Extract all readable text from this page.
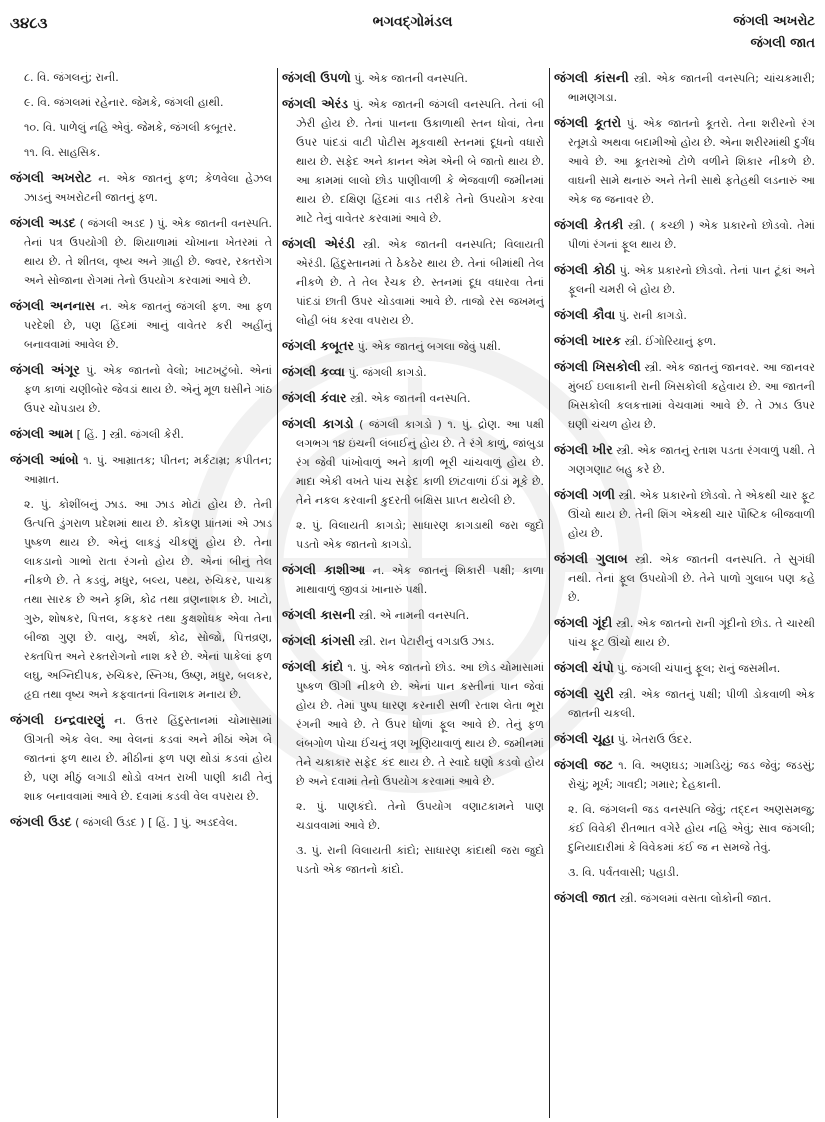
૩૪૮૩	ભગવદ્ગોમંડલ	જંગલી અખરોટ
જંગલી જાત

૮. વિ. જંગલનું; રાની.

૯. વિ. જંગલમાં રહેનાર. જેમકે, જંગલી હાથી.

૧૦. વિ. પાળેલું નહિ એવું. જેમકે, જંગલી કબૂતર.

૧૧. વિ. સાહસિક.

જંગલી અખરોટ ન. એક જાતનું ફળ; કેળવેલા હેઝલ ઝાડનું અખરોટની જાતનું ફળ.

જંગલી અડદ ( જંગલી અડદ ) પું. એક જાતની વનસ્પતિ. તેનાં પત્ર ઉપયોગી છે. શિયાળામાં ચોખાના ખેતરમાં તે થાય છે. તે શીતલ, વૃષ્ય અને ગ્રાહી છે. જ્વર, રક્તરોગ અને સોજાના રોગમાં તેનો ઉપયોગ કરવામાં આવે છે.

જંગલી અનનાસ ન. એક જાતનું જંગલી ફળ. આ ફળ પરદેશી છે, પણ હિંદમાં આનું વાવેતર કરી અહીંનું બનાવવામાં આવેલ છે.

જંગલી અંગૂર પું. એક જાતનો વેલો; ખાટખટુંબો. એનાં ફળ કાળાં ચણીબોર જેવડાં થાય છે. એનું મૂળ ઘસીને ગાંઠ ઉપર ચોપડાય છે.

જંગલી આમ [ હિં. ] સ્ત્રી. જંગલી કેરી.

જંગલી આંબો ૧. પું. આમ્રાતક; પીતન; મર્કટામ્ર; કપીતન; આમ્રાત.

૨. પું. કોશીંબનું ઝાડ. આ ઝાડ મોટાં હોય છે. તેની ઉત્પત્તિ ડુંગરાળ પ્રદેશમાં થાય છે. કોંકણ પ્રાંતમાં એ ઝાડ પુષ્કળ થાય છે. એનું લાકડું ચીકણું હોય છે. તેના લાકડાનો ગાભો રાતા રંગનો હોય છે. એનાં બીનું તેલ નીકળે છે. તે કડવું, મધુર, બલ્ય, પથ્ય, રુચિકર, પાચક તથા સારક છે અને કૃમિ, કોઢ તથા વ્રણનાશક છે. ખાટો, ગુરુ, શોષકર, પિત્તલ, કફકર તથા કુક્ષશોધક એવા તેના બીજા ગુણ છે. વાયુ, અર્શ, કોઢ, સોજો, પિત્તવ્રણ, રક્તપિત્ત અને રક્તરોગનો નાશ કરે છે. એનાં પાકેલાં ફળ લઘુ, અગ્નિદીપક, રુચિકર, સ્નિગ્ધ, ઉષ્ણ, મધુર, બલકર, હૃદ્ય તથા વૃષ્ય અને કફવાતનાં વિનાશક મનાય છે.

જંગલી ઇન્દ્રવારણું ન. ઉત્તર હિંદુસ્તાનમાં ચોમાસામાં ઊગતી એક વેલ. આ વેલનાં કડવાં અને મીઠાં એમ બે જાતનાં ફળ થાય છે. મીઠીનાં ફળ પણ થોડાં કડવાં હોય છે, પણ મીઠું લગાડી થોડો વખત રાખી પાણી કાઢી તેનું શાક બનાવવામાં આવે છે. દવામાં કડવી વેલ વપરાય છે.

જંગલી ઉડદ ( જંગલી ઉડદ ) [ હિં. ] પું. અડદવેલ.

જંગલી ઉપળો પું. એક જાતની વનસ્પતિ.

જંગલી એરંડ પું. એક જાતની જંગલી વનસ્પતિ. તેનાં બી ઝેરી હોય છે. તેનાં પાનના ઉકાળાથી સ્તન ધોવાં, તેના ઉપર પાંદડાં વાટી પોટીસ મૂકવાથી સ્તનમાં દૂધનો વધારો થાય છે. સફેદ અને કાનન એમ એની બે જાતો થાય છે. આ કામમાં લાલો છોડ પાણીવાળી કે ભેજવાળી જમીનમાં થાય છે. દક્ષિણ હિંદમાં વાડ તરીકે તેનો ઉપયોગ કરવા માટે તેનું વાવેતર કરવામાં આવે છે.

જંગલી એરંડી સ્ત્રી. એક જાતની વનસ્પતિ; વિલાયતી એરંડી. હિંદુસ્તાનમાં તે ઠેકઠેર થાય છે. તેનાં બીમાંથી તેલ નીકળે છે. તે તેલ રેચક છે. સ્તનમાં દૂધ વધારવા તેનાં પાંદડાં છાતી ઉપર ચોડવામાં આવે છે. તાજો રસ જખમનું લોહી બંધ કરવા વપરાય છે.

જંગલી કબૂતર પું. એક જાતનું બગલા જેવું પક્ષી.

જંગલી કવ્વા પું. જંગલી કાગડો.

જંગલી કંવાર સ્ત્રી. એક જાતની વનસ્પતિ.

જંગલી કાગડો ( જંગલી કાગડો ) ૧. પું. દ્રોણ. આ પક્ષી લગભગ ૧૪ ઇંચની લંબાઈનું હોય છે. તે રંગે કાળું, જાંબુડા રંગ જેવી પાંખોવાળું અને કાળી ભૂરી ચાંચવાળું હોય છે. માદા એકી વખતે પાંચ સફેદ કાળી છાંટવાળાં ઈંડાં મૂકે છે. તેને નકલ કરવાની કુદરતી બક્ષિસ પ્રાપ્ત થયેલી છે.

૨. પું. વિલાયતી કાગડો; સાધારણ કાગડાથી જરા જુદો પડતો એક જાતનો કાગડો.

જંગલી કાશીઆ ન. એક જાતનું શિકારી પક્ષી; કાળા માથાવાળું જીવડાં ખાનારું પક્ષી.

જંગલી કાસની સ્ત્રી. એ નામની વનસ્પતિ.

જંગલી કાંગસી સ્ત્રી. રાન પેટારીનું વગડાઉ ઝાડ.

જંગલી કાંદો ૧. પું. એક જાતનો છોડ. આ છોડ ચોમાસામાં પુષ્કળ ઊગી નીકળે છે. એનાં પાન કસ્તીનાં પાન જેવાં હોય છે. તેમાં પુષ્પ ધારણ કરનારી સળી રતાશ લેતા ભૂરા રંગની આવે છે. તે ઉપર ધોળાં ફૂલ આવે છે. તેનું ફળ લંબગોળ પોચા ઈંચનું ત્રણ ખૂણિયાવાળું થાય છે. જમીનમાં તેને ચકાકાર સફેદ કંદ થાય છે. તે સ્વાદે ઘણો કડવો હોય છે અને દવામાં તેનો ઉપયોગ કરવામાં આવે છે.

૨. પું. પાણકંદો. તેનો ઉપયોગ વણાટકામને પાણ ચડાવવામાં આવે છે.

૩. પું. રાની વિલાયતી કાંદો; સાધારણ કાંદાથી જરા જુદો પડતો એક જાતનો કાંદો.

જંગલી કાંસની સ્ત્રી. એક જાતની વનસ્પતિ; ચાંચકમારી; ભામણગડા.

જંગલી કૂતરો પું. એક જાતનો કૂતરો. તેના શરીરનો રંગ રતૂમડો અથવા બદામીઓ હોય છે. એના શરીરમાંથી દુર્ગંધ આવે છે. આ કૂતરાઓ ટોળે વળીને શિકાર નીકળે છે. વાઘની સામે થનારું અને તેની સાથે ફતેહથી લડનારું આ એક જ જનાવર છે.

જંગલી કેતકી સ્ત્રી. ( કચ્છી ) એક પ્રકારનો છોડવો. તેમાં પીળાં રંગનાં ફૂલ થાય છે.

જંગલી કોઠી પું. એક પ્રકારનો છોડવો. તેનાં પાન ટૂંકાં અને ફૂલની ચમરી બે હોય છે.

જંગલી કૌવા પું. રાની કાગડો.

જંગલી ખારક સ્ત્રી. ઈંગોરિયાનું ફળ.

જંગલી ખિસકોલી સ્ત્રી. એક જાતનું જાનવર. આ જાનવર મુંબઈ ઇલાકાની રાની ખિસકોલી કહેવાય છે. આ જાતની ખિસકોલી કલકત્તામાં વેચવામાં આવે છે. તે ઝાડ ઉપર ઘણી ચંચળ હોય છે.

જંગલી ખીર સ્ત્રી. એક જાતનું રતાશ પડતા રંગવાળું પક્ષી. તે ગણગણાટ બહુ કરે છે.

જંગલી ગળી સ્ત્રી. એક પ્રકારનો છોડવો. તે એકથી ચાર ફૂટ ઊંચો થાય છે. તેની શિંગ એકથી ચાર પૌષ્ટિક બીજવાળી હોય છે.

જંગલી ગુલાબ સ્ત્રી. એક જાતની વનસ્પતિ. તે સુગંધી નથી. તેનાં ફૂલ ઉપયોગી છે. તેને પાળો ગુલાબ પણ કહે છે.

જંગલી ગૂંદી સ્ત્રી. એક જાતનો રાની ગૂંદીનો છોડ. તે ચારથી પાંચ ફૂટ ઊંચો થાય છે.

જંગલી ચંપો પું. જંગલી ચંપાનું ફૂલ; રાનું જસમીન.

જંગલી ચુરી સ્ત્રી. એક જાતનું પક્ષી; પીળી ડોકવાળી એક જાતની ચકલી.

જંગલી ચૂહા પું. ખેતરાઉ ઉંદર.

જંગલી જટ ૧. વિ. અણઘડ; ગામડિયું; જડ જેવું; જડસું; રોચું; મૂર્ખ; ગાવદી; ગમાર; દેહકાની.

૨. વિ. જંગલની જડ વનસ્પતિ જેવું; તદ્દન અણસમજુ; કંઈ વિવેકી રીતભાત વગેરે હોય નહિ એવું; સાવ જંગલી; દુનિયાદારીમાં કે વિવેકમાં કંઈ જ ન સમજે તેવું.

૩. વિ. પર્વતવાસી; પહાડી.

જંગલી જાત સ્ત્રી. જંગલમાં વસતા લોકોની જાત.
